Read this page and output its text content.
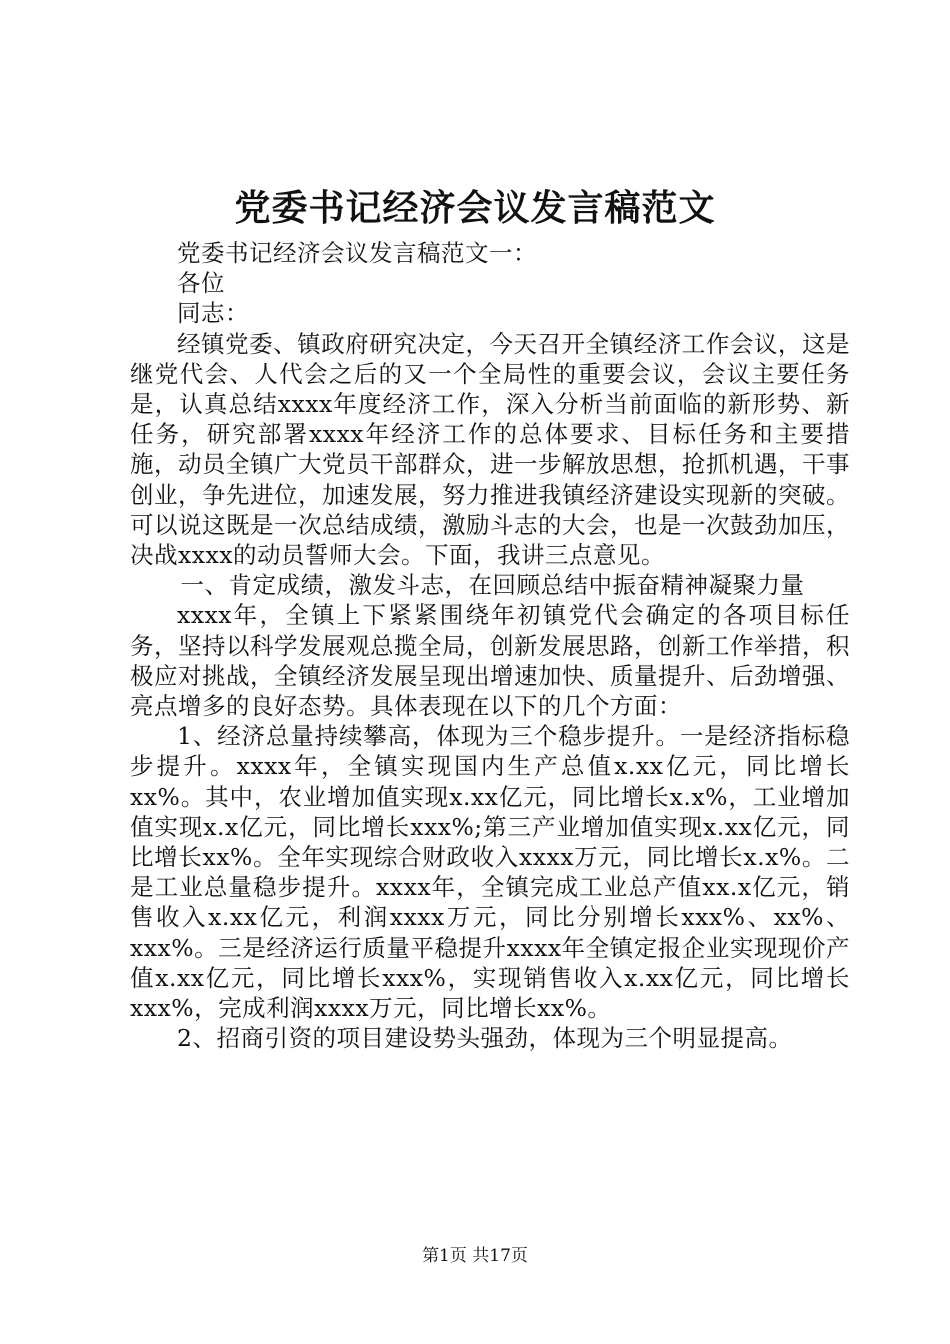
党委书记经济会议发言稿范文

党委书记经济会议发言稿范文一：

各位

同志：

经镇党委、镇政府研究决定，今天召开全镇经济工作会议，这是继党代会、人代会之后的又一个全局性的重要会议，会议主要任务是，认真总结xxxx年度经济工作，深入分析当前面临的新形势、新任务，研究部署xxxx年经济工作的总体要求、目标任务和主要措施，动员全镇广大党员干部群众，进一步解放思想，抢抓机遇，干事创业，争先进位，加速发展，努力推进我镇经济建设实现新的突破。可以说这既是一次总结成绩，激励斗志的大会，也是一次鼓劲加压，决战xxxx的动员誓师大会。下面，我讲三点意见。

一、肯定成绩，激发斗志，在回顾总结中振奋精神凝聚力量

xxxx年，全镇上下紧紧围绕年初镇党代会确定的各项目标任务，坚持以科学发展观总揽全局，创新发展思路，创新工作举措，积极应对挑战，全镇经济发展呈现出增速加快、质量提升、后劲增强、亮点增多的良好态势。具体表现在以下的几个方面：

1、经济总量持续攀高，体现为三个稳步提升。一是经济指标稳步提升。xxxx年，全镇实现国内生产总值x.xx亿元，同比增长xx%。其中，农业增加值实现x.xx亿元，同比增长x.x%，工业增加值实现x.x亿元，同比增长xxx%;第三产业增加值实现x.xx亿元，同比增长xx%。全年实现综合财政收入xxxx万元，同比增长x.x%。二是工业总量稳步提升。xxxx年，全镇完成工业总产值xx.x亿元，销售收入x.xx亿元，利润xxxx万元，同比分别增长xxx%、xx%、xxx%。三是经济运行质量平稳提升xxxx年全镇定报企业实现现价产值x.xx亿元，同比增长xxx%，实现销售收入x.xx亿元，同比增长xxx%，完成利润xxxx万元，同比增长xx%。

2、招商引资的项目建设势头强劲，体现为三个明显提高。

第1页 共17页
